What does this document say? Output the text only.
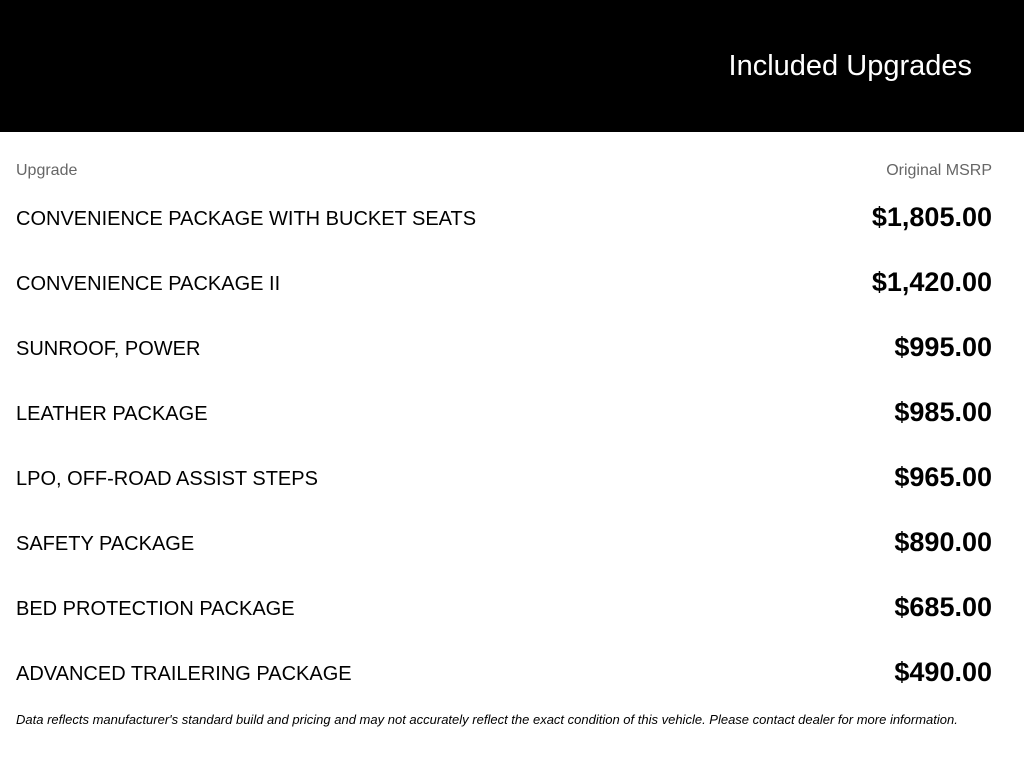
Included Upgrades
Upgrade	Original MSRP
CONVENIENCE PACKAGE WITH BUCKET SEATS	$1,805.00
CONVENIENCE PACKAGE II	$1,420.00
SUNROOF, POWER	$995.00
LEATHER PACKAGE	$985.00
LPO, OFF-ROAD ASSIST STEPS	$965.00
SAFETY PACKAGE	$890.00
BED PROTECTION PACKAGE	$685.00
ADVANCED TRAILERING PACKAGE	$490.00

Data reflects manufacturer's standard build and pricing and may not accurately reflect the exact condition of this vehicle. Please contact dealer for more information.
